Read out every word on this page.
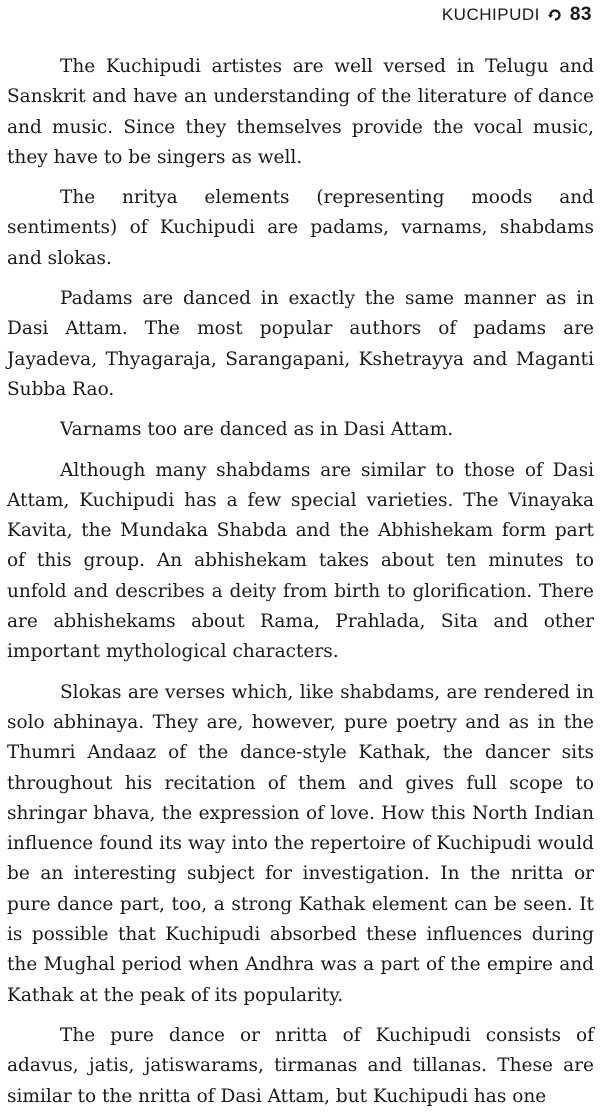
KUCHIPUDI 83

The Kuchipudi artistes are well versed in Telugu and Sanskrit and have an understanding of the literature of dance and music. Since they themselves provide the vocal music, they have to be singers as well.

The nritya elements (representing moods and sentiments) of Kuchipudi are padams, varnams, shabdams and slokas.

Padams are danced in exactly the same manner as in Dasi Attam. The most popular authors of padams are Jayadeva, Thyagaraja, Sarangapani, Kshetrayya and Maganti Subba Rao.

Varnams too are danced as in Dasi Attam.

Although many shabdams are similar to those of Dasi Attam, Kuchipudi has a few special varieties. The Vinayaka Kavita, the Mundaka Shabda and the Abhishekam form part of this group. An abhishekam takes about ten minutes to unfold and describes a deity from birth to glorification. There are abhishekams about Rama, Prahlada, Sita and other important mythological characters.

Slokas are verses which, like shabdams, are rendered in solo abhinaya. They are, however, pure poetry and as in the Thumri Andaaz of the dance-style Kathak, the dancer sits throughout his recitation of them and gives full scope to shringar bhava, the expression of love. How this North Indian influence found its way into the repertoire of Kuchipudi would be an interesting subject for investigation. In the nritta or pure dance part, too, a strong Kathak element can be seen. It is possible that Kuchipudi absorbed these influences during the Mughal period when Andhra was a part of the empire and Kathak at the peak of its popularity.

The pure dance or nritta of Kuchipudi consists of adavus, jatis, jatiswarams, tirmanas and tillanas. These are similar to the nritta of Dasi Attam, but Kuchipudi has one
